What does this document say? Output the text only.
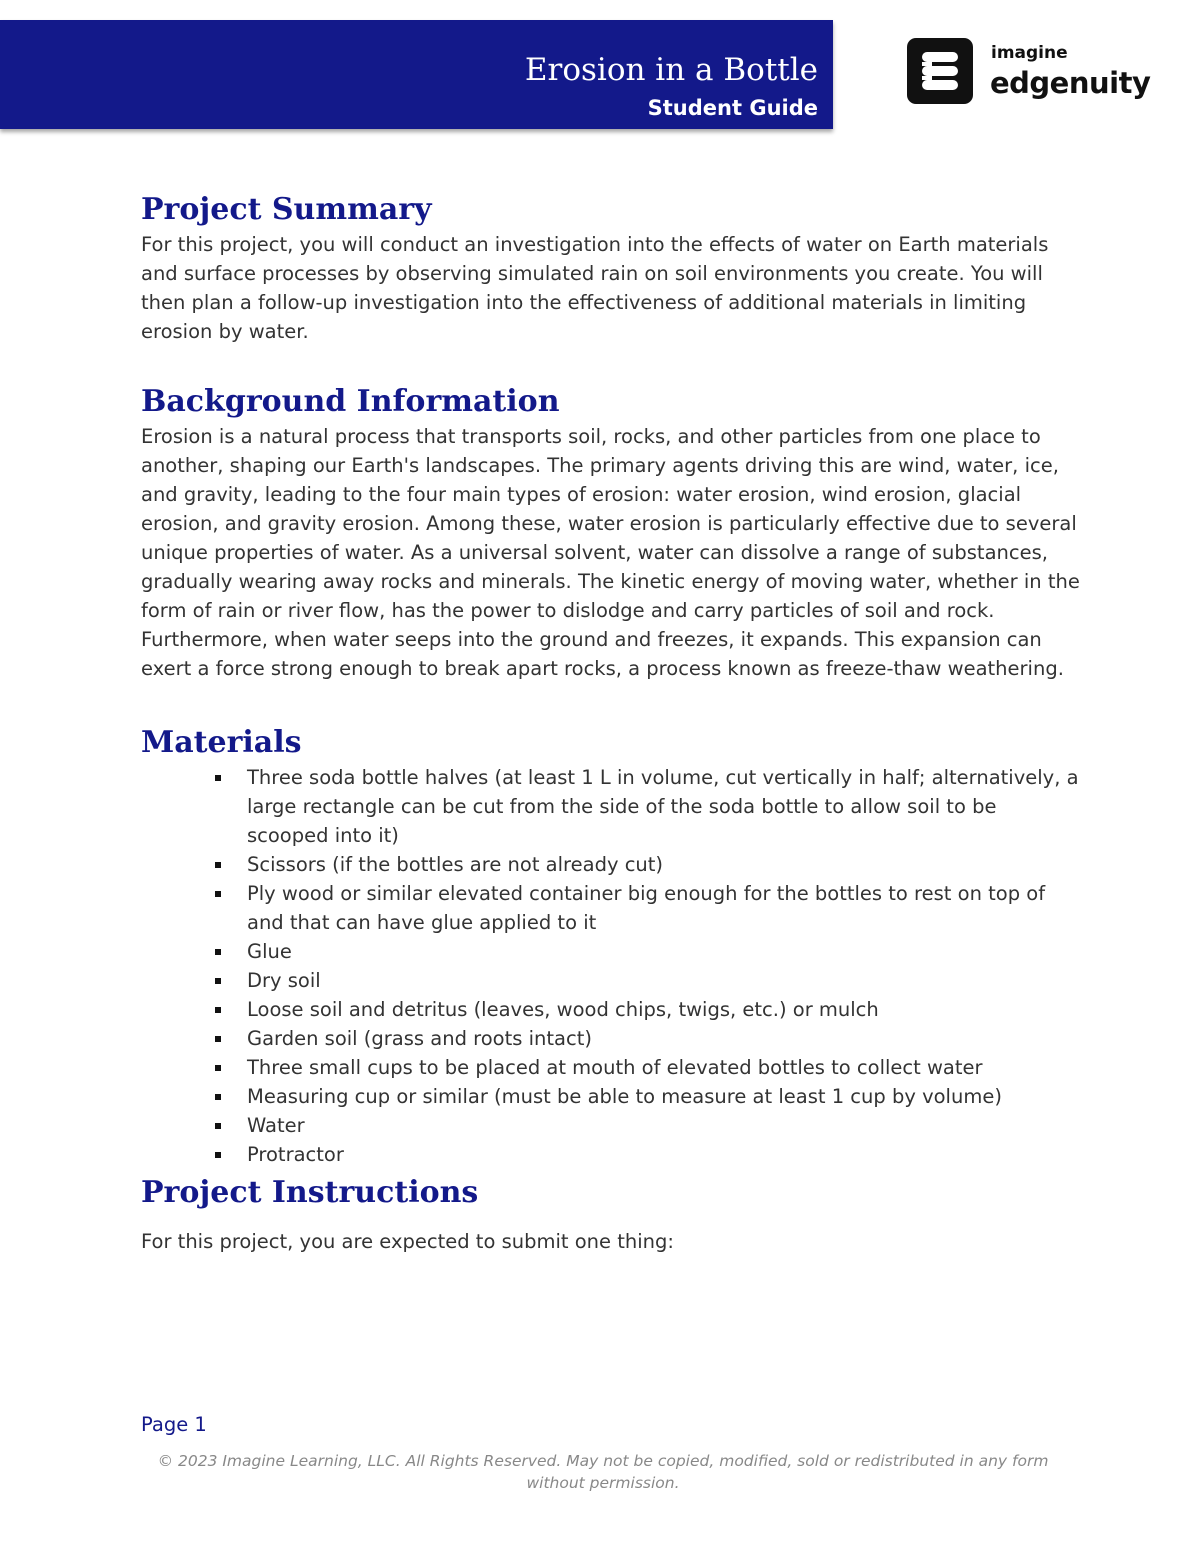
Erosion in a Bottle
Student Guide
imagine
edgenuity
Project Summary

For this project, you will conduct an investigation into the effects of water on Earth materials and surface processes by observing simulated rain on soil environments you create. You will then plan a follow-up investigation into the effectiveness of additional materials in limiting erosion by water.

Background Information

Erosion is a natural process that transports soil, rocks, and other particles from one place to another, shaping our Earth's landscapes. The primary agents driving this are wind, water, ice, and gravity, leading to the four main types of erosion: water erosion, wind erosion, glacial erosion, and gravity erosion. Among these, water erosion is particularly effective due to several unique properties of water. As a universal solvent, water can dissolve a range of substances, gradually wearing away rocks and minerals. The kinetic energy of moving water, whether in the form of rain or river flow, has the power to dislodge and carry particles of soil and rock. Furthermore, when water seeps into the ground and freezes, it expands. This expansion can exert a force strong enough to break apart rocks, a process known as freeze-thaw weathering.

Materials
Three soda bottle halves (at least 1 L in volume, cut vertically in half; alternatively, a large rectangle can be cut from the side of the soda bottle to allow soil to be scooped into it)
Scissors (if the bottles are not already cut)
Ply wood or similar elevated container big enough for the bottles to rest on top of and that can have glue applied to it
Glue
Dry soil
Loose soil and detritus (leaves, wood chips, twigs, etc.) or mulch
Garden soil (grass and roots intact)
Three small cups to be placed at mouth of elevated bottles to collect water
Measuring cup or similar (must be able to measure at least 1 cup by volume)
Water
Protractor
Project Instructions

For this project, you are expected to submit one thing:

Page 1
© 2023 Imagine Learning, LLC. All Rights Reserved. May not be copied, modified, sold or redistributed in any form without permission.
